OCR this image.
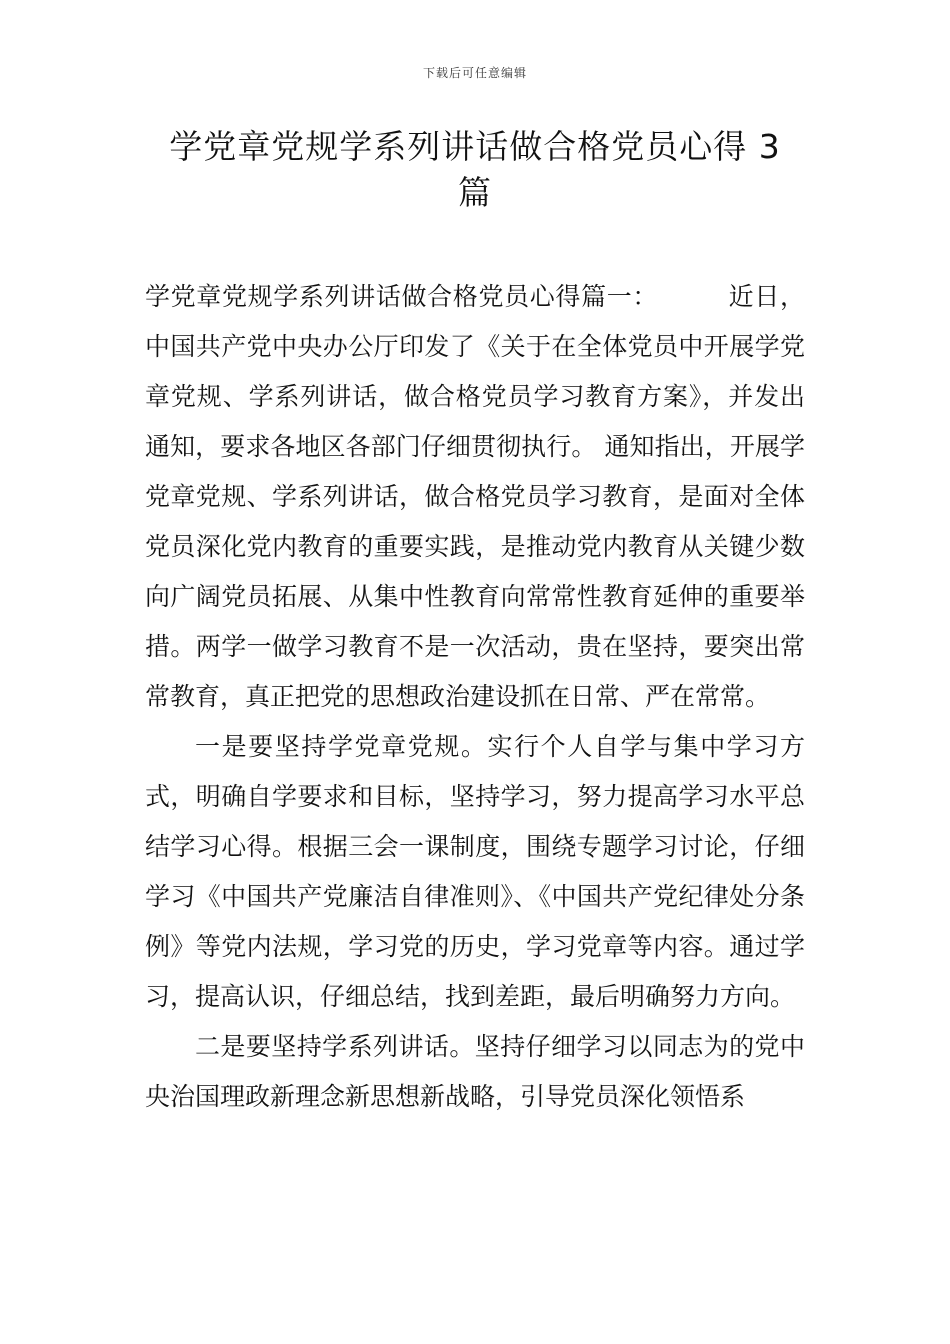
下载后可任意编辑
学党章党规学系列讲话做合格党员心得 3 篇

学党章党规学系列讲话做合格党员心得篇一：	近日，中国共产党中央办公厅印发了《关于在全体党员中开展学党章党规、学系列讲话，做合格党员学习教育方案》，并发出通知，要求各地区各部门仔细贯彻执行。 通知指出，开展学党章党规、学系列讲话，做合格党员学习教育，是面对全体党员深化党内教育的重要实践，是推动党内教育从关键少数向广阔党员拓展、从集中性教育向常常性教育延伸的重要举措。两学一做学习教育不是一次活动，贵在坚持，要突出常常教育，真正把党的思想政治建设抓在日常、严在常常。

一是要坚持学党章党规。实行个人自学与集中学习方式，明确自学要求和目标，坚持学习，努力提高学习水平总结学习心得。根据三会一课制度，围绕专题学习讨论，仔细学习《中国共产党廉洁自律准则》、《中国共产党纪律处分条例》等党内法规，学习党的历史，学习党章等内容。通过学习，提高认识，仔细总结，找到差距，最后明确努力方向。

二是要坚持学系列讲话。坚持仔细学习以同志为的党中央治国理政新理念新思想新战略，引导党员深化领悟系
